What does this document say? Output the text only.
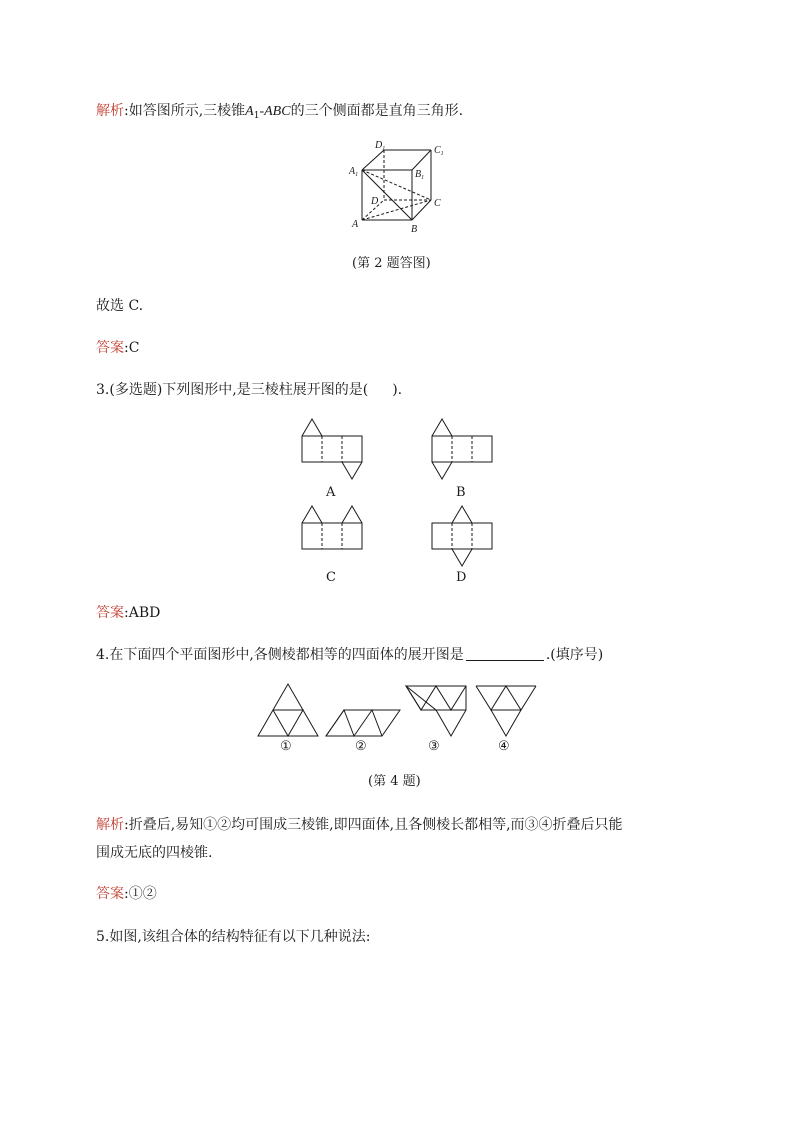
解析:如答图所示,三棱锥$A_1$-ABC的三个侧面都是直角三角形.
$D_1$	$C_1$
$A_1$	$B_1$
D	C
A	B
(第 2 题答图)
故选 C.
答案:C
3.(多选题)下列图形中,是三棱柱展开图的是( ).
A	B
C	D
答案:ABD
4.在下面四个平面图形中,各侧棱都相等的四面体的展开图是	.(填序号)
①	②	③	④
(第 4 题)
解析:折叠后,易知①②均可围成三棱锥,即四面体,且各侧棱长都相等,而③④折叠后只能
围成无底的四棱锥.
答案:①②
5.如图,该组合体的结构特征有以下几种说法:
